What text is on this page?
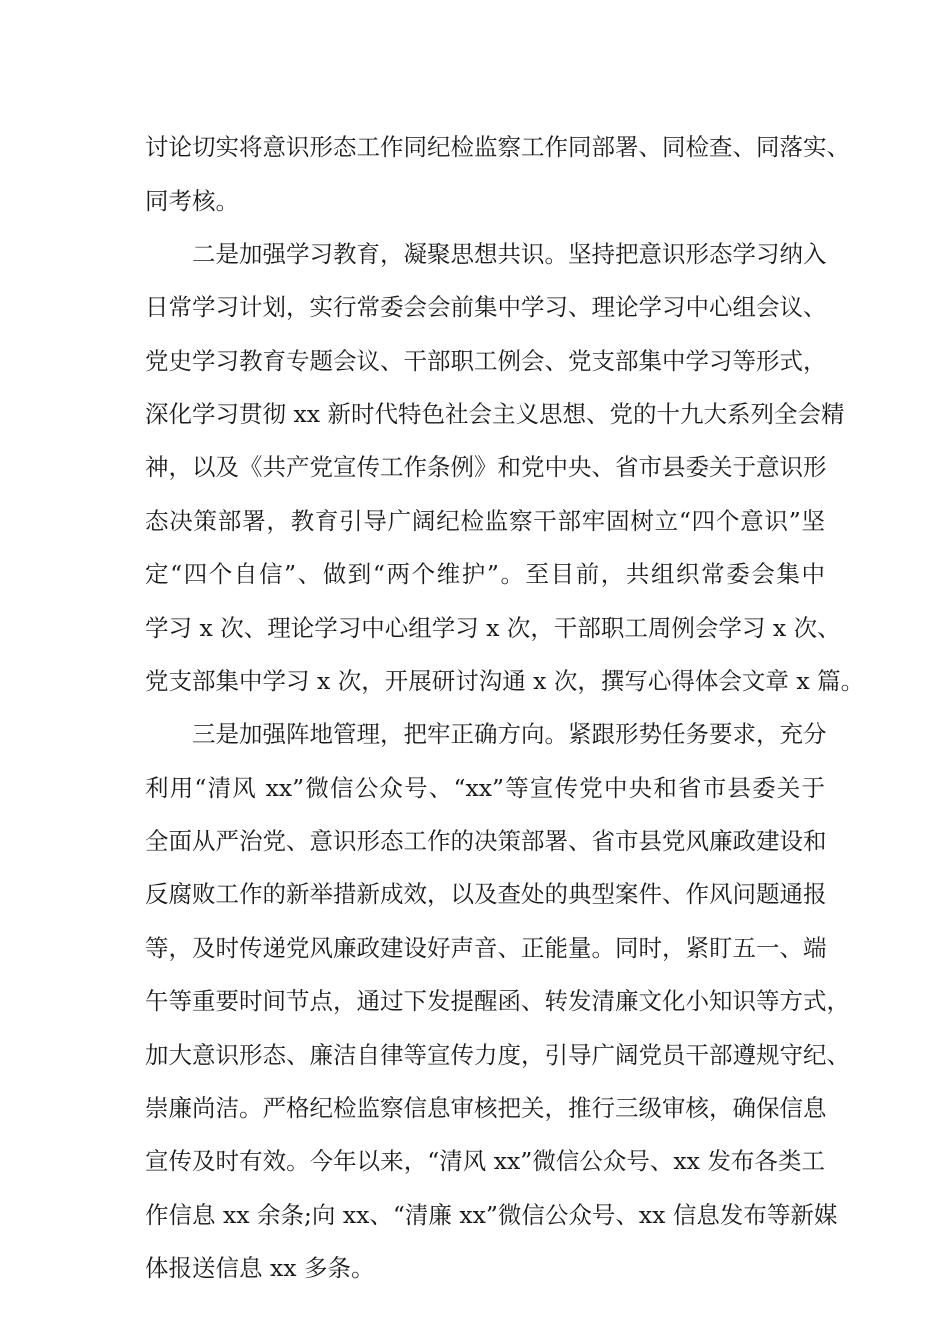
讨论切实将意识形态工作同纪检监察工作同部署、同检查、同落实、
同考核。
二是加强学习教育，凝聚思想共识。坚持把意识形态学习纳入
日常学习计划，实行常委会会前集中学习、理论学习中心组会议、
党史学习教育专题会议、干部职工例会、党支部集中学习等形式，
深化学习贯彻 xx 新时代特色社会主义思想、党的十九大系列全会精
神，以及《共产党宣传工作条例》和党中央、省市县委关于意识形
态决策部署，教育引导广阔纪检监察干部牢固树立“四个意识”坚
定“四个自信”、做到“两个维护”。至目前，共组织常委会集中
学习 x 次、理论学习中心组学习 x 次，干部职工周例会学习 x 次、
党支部集中学习 x 次，开展研讨沟通 x 次，撰写心得体会文章 x 篇。
三是加强阵地管理，把牢正确方向。紧跟形势任务要求，充分
利用“清风 xx”微信公众号、“xx”等宣传党中央和省市县委关于
全面从严治党、意识形态工作的决策部署、省市县党风廉政建设和
反腐败工作的新举措新成效，以及查处的典型案件、作风问题通报
等，及时传递党风廉政建设好声音、正能量。同时，紧盯五一、端
午等重要时间节点，通过下发提醒函、转发清廉文化小知识等方式，
加大意识形态、廉洁自律等宣传力度，引导广阔党员干部遵规守纪、
崇廉尚洁。严格纪检监察信息审核把关，推行三级审核，确保信息
宣传及时有效。今年以来，“清风 xx”微信公众号、xx 发布各类工
作信息 xx 余条;向 xx、“清廉 xx”微信公众号、xx 信息发布等新媒
体报送信息 xx 多条。
